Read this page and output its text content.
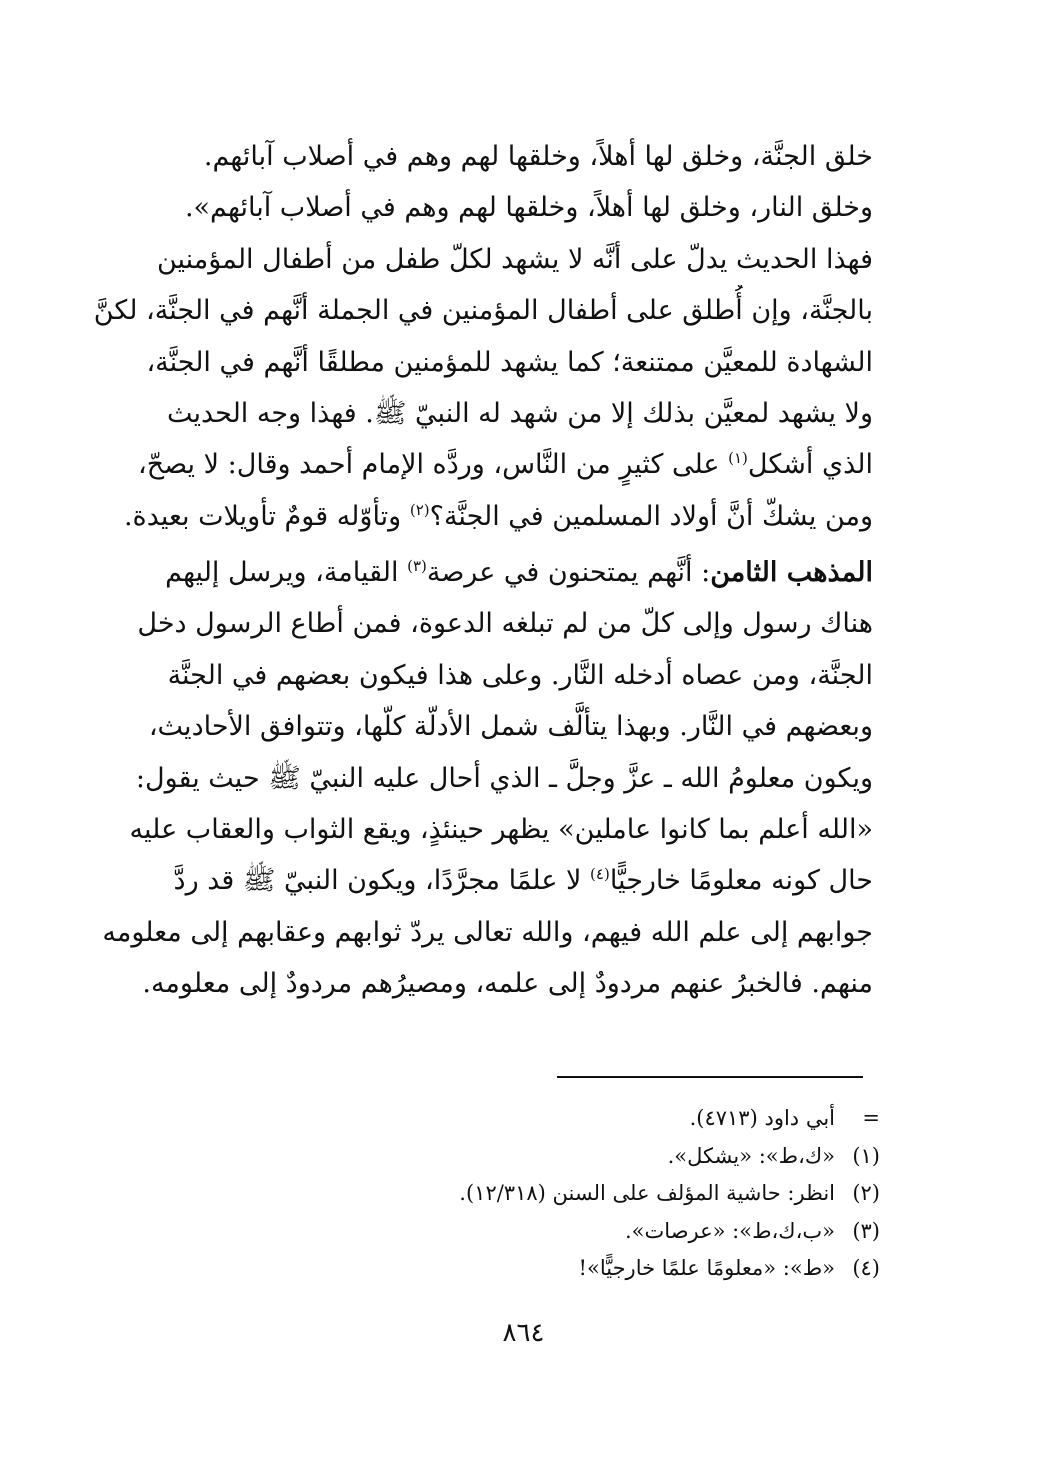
خلق الجنَّة، وخلق لها أهلاً، وخلقها لهم وهم في أصلاب آبائهم.
وخلق النار، وخلق لها أهلاً، وخلقها لهم وهم في أصلاب آبائهم».
فهذا الحديث يدلّ على أنَّه لا يشهد لكلّ طفل من أطفال المؤمنين
بالجنَّة، وإن أُطلق على أطفال المؤمنين في الجملة أنَّهم في الجنَّة، لكنَّ
الشهادة للمعيَّن ممتنعة؛ كما يشهد للمؤمنين مطلقًا أنَّهم في الجنَّة،
ولا يشهد لمعيَّن بذلك إلا من شهد له النبيّ ﷺ. فهذا وجه الحديث
الذي أشكل$^{(١)}$ على كثيرٍ من النَّاس، وردَّه الإمام أحمد وقال: لا يصحّ،
ومن يشكّ أنَّ أولاد المسلمين في الجنَّة؟$^{(٢)}$ وتأوّله قومٌ تأويلات بعيدة.
المذهب الثامن: أنَّهم يمتحنون في عرصة$^{(٣)}$ القيامة، ويرسل إليهم
هناك رسول وإلى كلّ من لم تبلغه الدعوة، فمن أطاع الرسول دخل
الجنَّة، ومن عصاه أدخله النَّار. وعلى هذا فيكون بعضهم في الجنَّة
وبعضهم في النَّار. وبهذا يتألَّف شمل الأدلّة كلّها، وتتوافق الأحاديث،
ويكون معلومُ الله ـ عزَّ وجلَّ ـ الذي أحال عليه النبيّ ﷺ حيث يقول:
«الله أعلم بما كانوا عاملين» يظهر حينئذٍ، ويقع الثواب والعقاب عليه
حال كونه معلومًا خارجيًّا$^{(٤)}$ لا علمًا مجرَّدًا، ويكون النبيّ ﷺ قد ردَّ
جوابهم إلى علم الله فيهم، والله تعالى يردّ ثوابهم وعقابهم إلى معلومه
منهم. فالخبرُ عنهم مردودٌ إلى علمه، ومصيرُهم مردودٌ إلى معلومه.
=
أبي داود (٤٧١٣).
(١)
«ك،ط»: «يشكل».
(٢)
انظر: حاشية المؤلف على السنن (١٢/٣١٨).
(٣)
«ب،ك،ط»: «عرصات».
(٤)
«ط»: «معلومًا علمًا خارجيًّا»!
٨٦٤
